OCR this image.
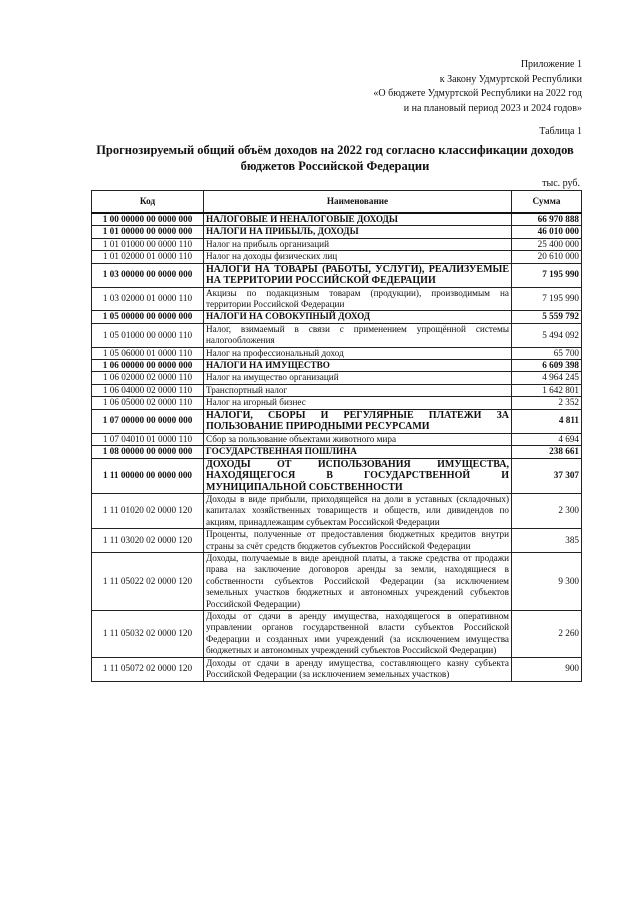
Приложение 1
к Закону Удмуртской Республики
«О бюджете Удмуртской Республики на 2022 год
и на плановый период 2023 и 2024 годов»
Таблица 1
Прогнозируемый общий объём доходов на 2022 год согласно классификации доходов бюджетов Российской Федерации
тыс. руб.
Код	Наименование	Сумма
1 00 00000 00 0000 000	НАЛОГОВЫЕ И НЕНАЛОГОВЫЕ ДОХОДЫ	66 970 888
1 01 00000 00 0000 000	НАЛОГИ НА ПРИБЫЛЬ, ДОХОДЫ	46 010 000
1 01 01000 00 0000 110	Налог на прибыль организаций	25 400 000
1 01 02000 01 0000 110	Налог на доходы физических лиц	20 610 000
1 03 00000 00 0000 000	НАЛОГИ НА ТОВАРЫ (РАБОТЫ, УСЛУГИ), РЕАЛИЗУЕМЫЕ НА ТЕРРИТОРИИ РОССИЙСКОЙ ФЕДЕРАЦИИ	7 195 990
1 03 02000 01 0000 110	Акцизы по подакцизным товарам (продукции), производимым на территории Российской Федерации	7 195 990
1 05 00000 00 0000 000	НАЛОГИ НА СОВОКУПНЫЙ ДОХОД	5 559 792
1 05 01000 00 0000 110	Налог, взимаемый в связи с применением упрощённой системы налогообложения	5 494 092
1 05 06000 01 0000 110	Налог на профессиональный доход	65 700
1 06 00000 00 0000 000	НАЛОГИ НА ИМУЩЕСТВО	6 609 398
1 06 02000 02 0000 110	Налог на имущество организаций	4 964 245
1 06 04000 02 0000 110	Транспортный налог	1 642 801
1 06 05000 02 0000 110	Налог на игорный бизнес	2 352
1 07 00000 00 0000 000	НАЛОГИ, СБОРЫ И РЕГУЛЯРНЫЕ ПЛАТЕЖИ ЗА ПОЛЬЗОВАНИЕ ПРИРОДНЫМИ РЕСУРСАМИ	4 811
1 07 04010 01 0000 110	Сбор за пользование объектами животного мира	4 694
1 08 00000 00 0000 000	ГОСУДАРСТВЕННАЯ ПОШЛИНА	238 661
1 11 00000 00 0000 000	ДОХОДЫ ОТ ИСПОЛЬЗОВАНИЯ ИМУЩЕСТВА, НАХОДЯЩЕГОСЯ В ГОСУДАРСТВЕННОЙ И МУНИЦИПАЛЬНОЙ СОБСТВЕННОСТИ	37 307
1 11 01020 02 0000 120	Доходы в виде прибыли, приходящейся на доли в уставных (складочных) капиталах хозяйственных товариществ и обществ, или дивидендов по акциям, принадлежащим субъектам Российской Федерации	2 300
1 11 03020 02 0000 120	Проценты, полученные от предоставления бюджетных кредитов внутри страны за счёт средств бюджетов субъектов Российской Федерации	385
1 11 05022 02 0000 120	Доходы, получаемые в виде арендной платы, а также средства от продажи права на заключение договоров аренды за земли, находящиеся в собственности субъектов Российской Федерации (за исключением земельных участков бюджетных и автономных учреждений субъектов Российской Федерации)	9 300
1 11 05032 02 0000 120	Доходы от сдачи в аренду имущества, находящегося в оперативном управлении органов государственной власти субъектов Российской Федерации и созданных ими учреждений (за исключением имущества бюджетных и автономных учреждений субъектов Российской Федерации)	2 260
1 11 05072 02 0000 120	Доходы от сдачи в аренду имущества, составляющего казну субъекта Российской Федерации (за исключением земельных участков)	900
